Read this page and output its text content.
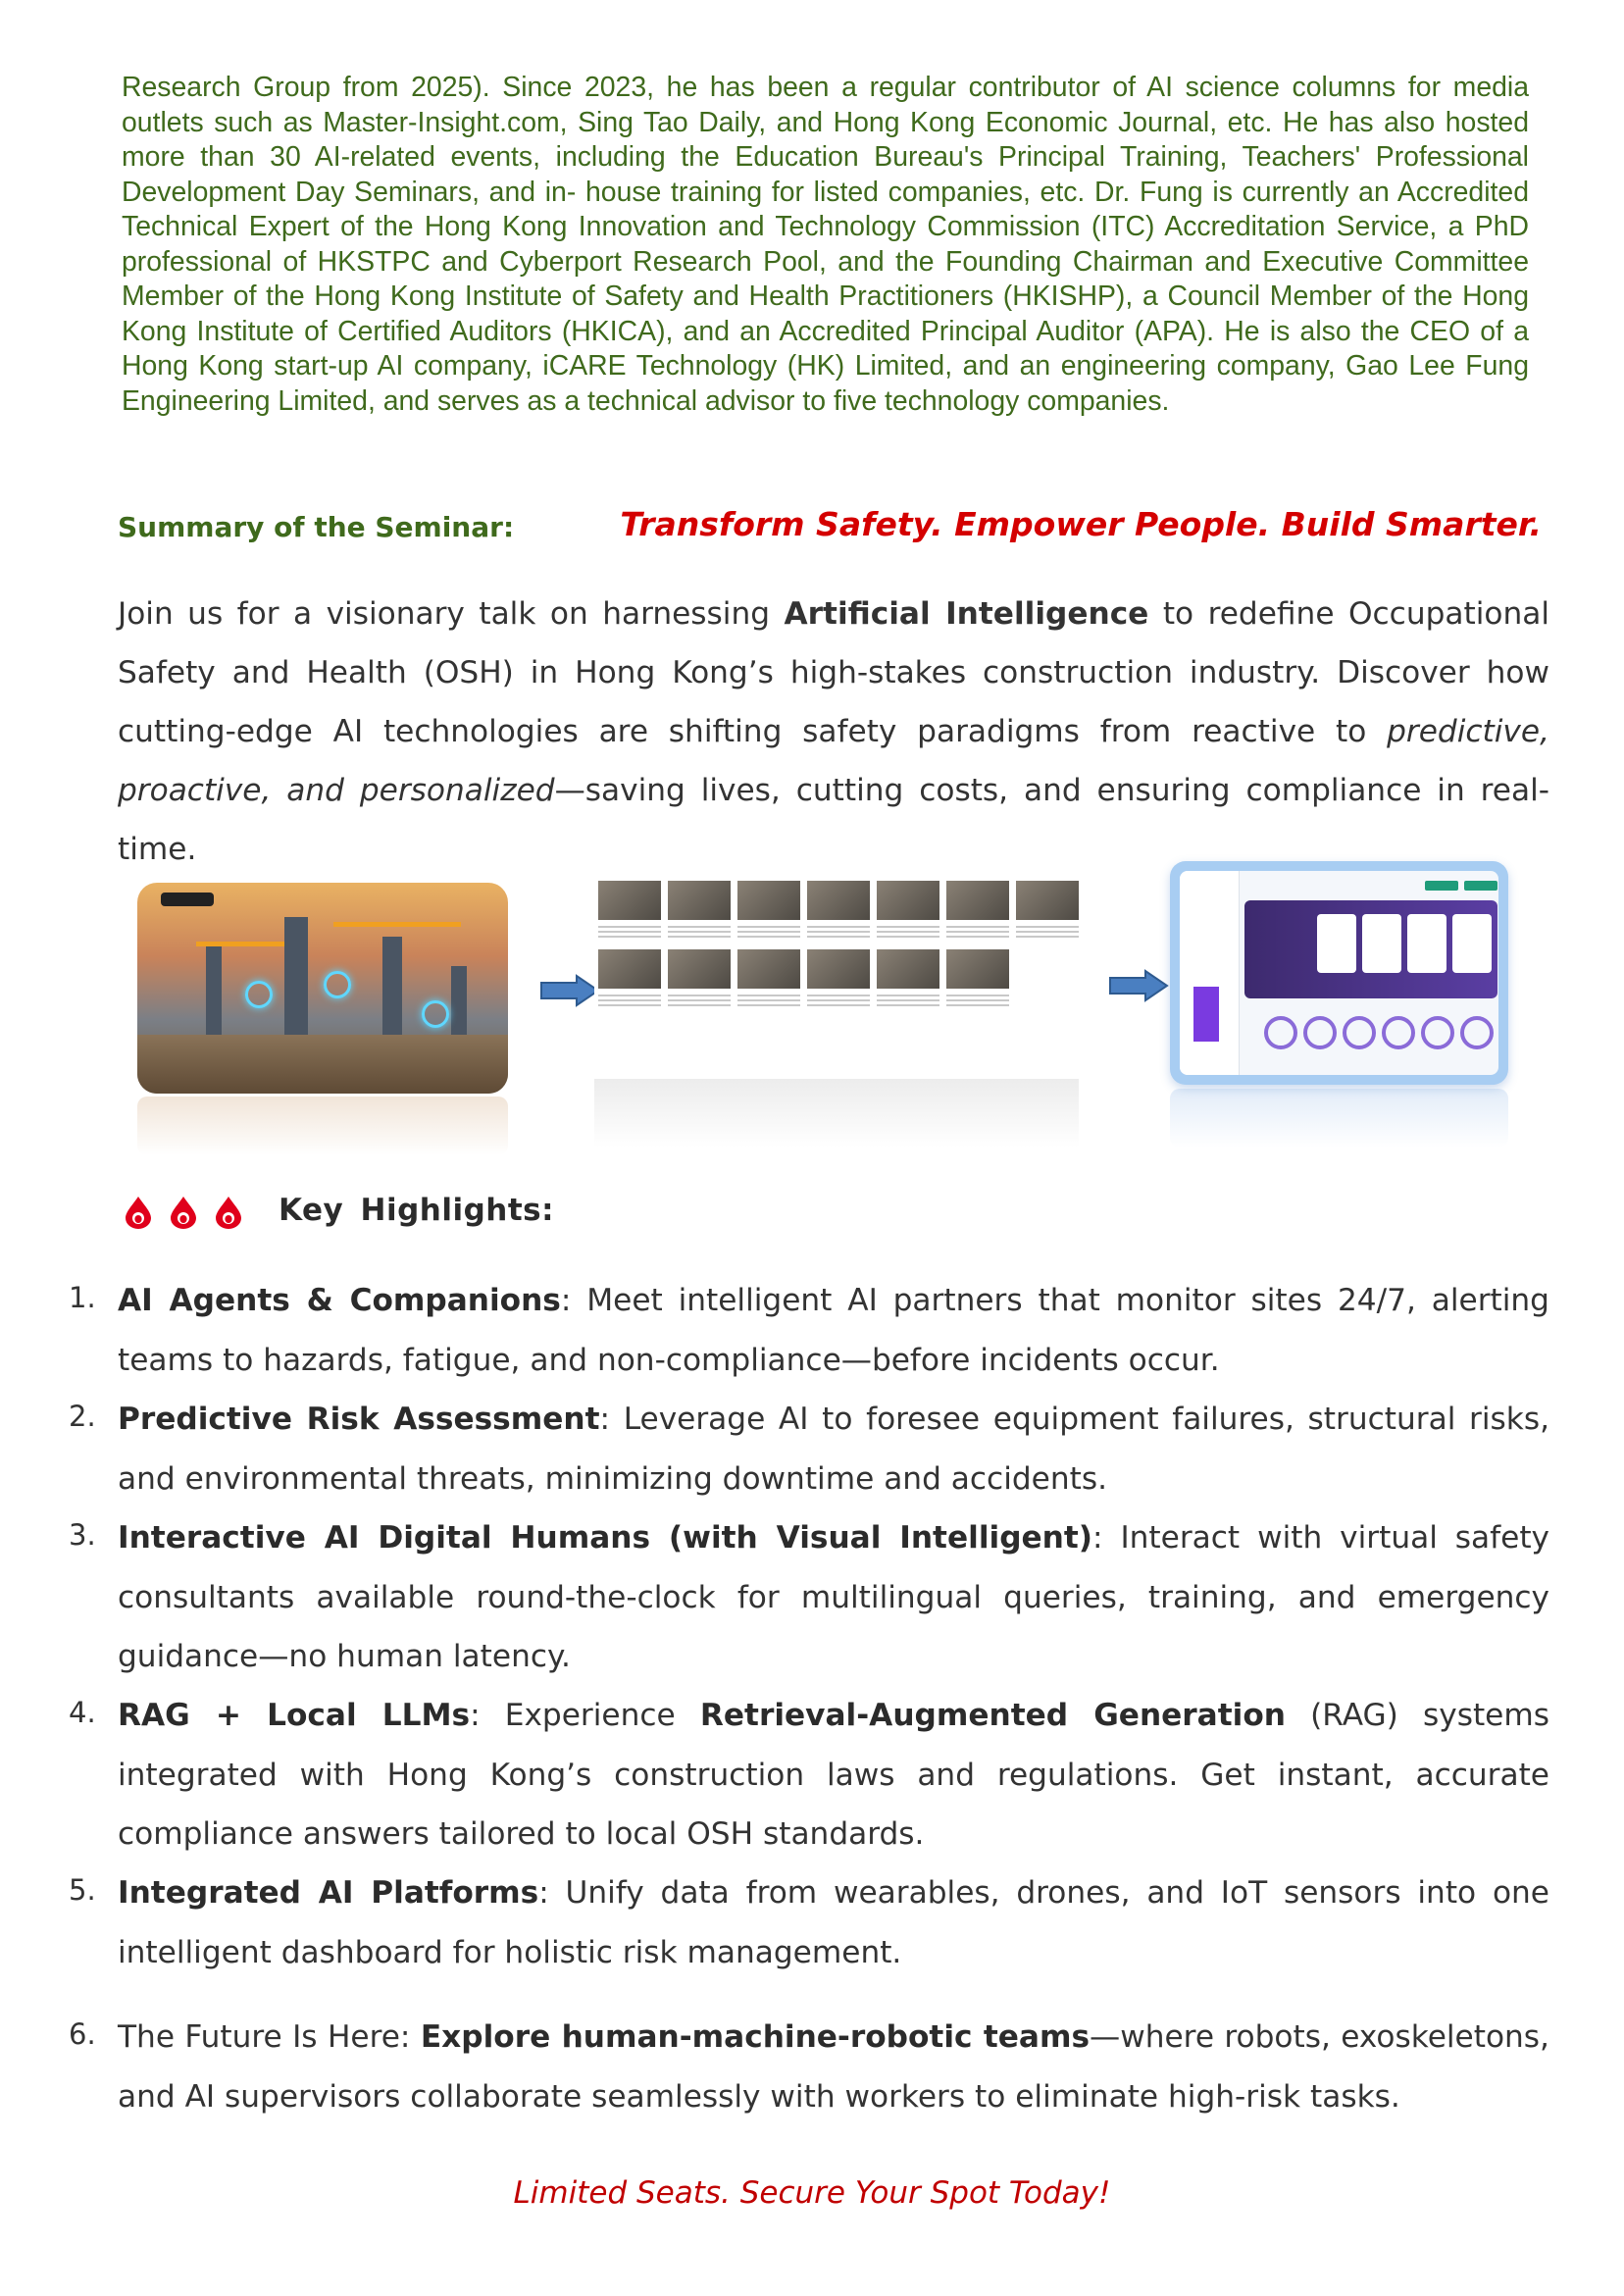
Research Group from 2025). Since 2023, he has been a regular contributor of AI science columns for media outlets such as Master-Insight.com, Sing Tao Daily, and Hong Kong Economic Journal, etc. He has also hosted more than 30 AI-related events, including the Education Bureau's Principal Training, Teachers' Professional Development Day Seminars, and in- house training for listed companies, etc. Dr. Fung is currently an Accredited Technical Expert of the Hong Kong Innovation and Technology Commission (ITC) Accreditation Service, a PhD professional of HKSTPC and Cyberport Research Pool, and the Founding Chairman and Executive Committee Member of the Hong Kong Institute of Safety and Health Practitioners (HKISHP), a Council Member of the Hong Kong Institute of Certified Auditors (HKICA), and an Accredited Principal Auditor (APA). He is also the CEO of a Hong Kong start-up AI company, iCARE Technology (HK) Limited, and an engineering company, Gao Lee Fung Engineering Limited, and serves as a technical advisor to five technology companies.

Summary of the Seminar:	Transform Safety. Empower People. Build Smarter.

Join us for a visionary talk on harnessing Artificial Intelligence to redefine Occupational Safety and Health (OSH) in Hong Kong’s high-stakes construction industry. Discover how cutting-edge AI technologies are shifting safety paradigms from reactive to predictive, proactive, and personalized—saving lives, cutting costs, and ensuring compliance in real-time.

Key Highlights:
1. AI Agents & Companions: Meet intelligent AI partners that monitor sites 24/7, alerting teams to hazards, fatigue, and non-compliance—before incidents occur.

2. Predictive Risk Assessment: Leverage AI to foresee equipment failures, structural risks, and environmental threats, minimizing downtime and accidents.

3. Interactive AI Digital Humans (with Visual Intelligent): Interact with virtual safety consultants available round-the-clock for multilingual queries, training, and emergency guidance—no human latency.

4. RAG + Local LLMs: Experience Retrieval-Augmented Generation (RAG) systems integrated with Hong Kong’s construction laws and regulations. Get instant, accurate compliance answers tailored to local OSH standards.

5. Integrated AI Platforms: Unify data from wearables, drones, and IoT sensors into one intelligent dashboard for holistic risk management.

6. The Future Is Here: Explore human-machine-robotic teams—where robots, exoskeletons, and AI supervisors collaborate seamlessly with workers to eliminate high-risk tasks.

Limited Seats. Secure Your Spot Today!
